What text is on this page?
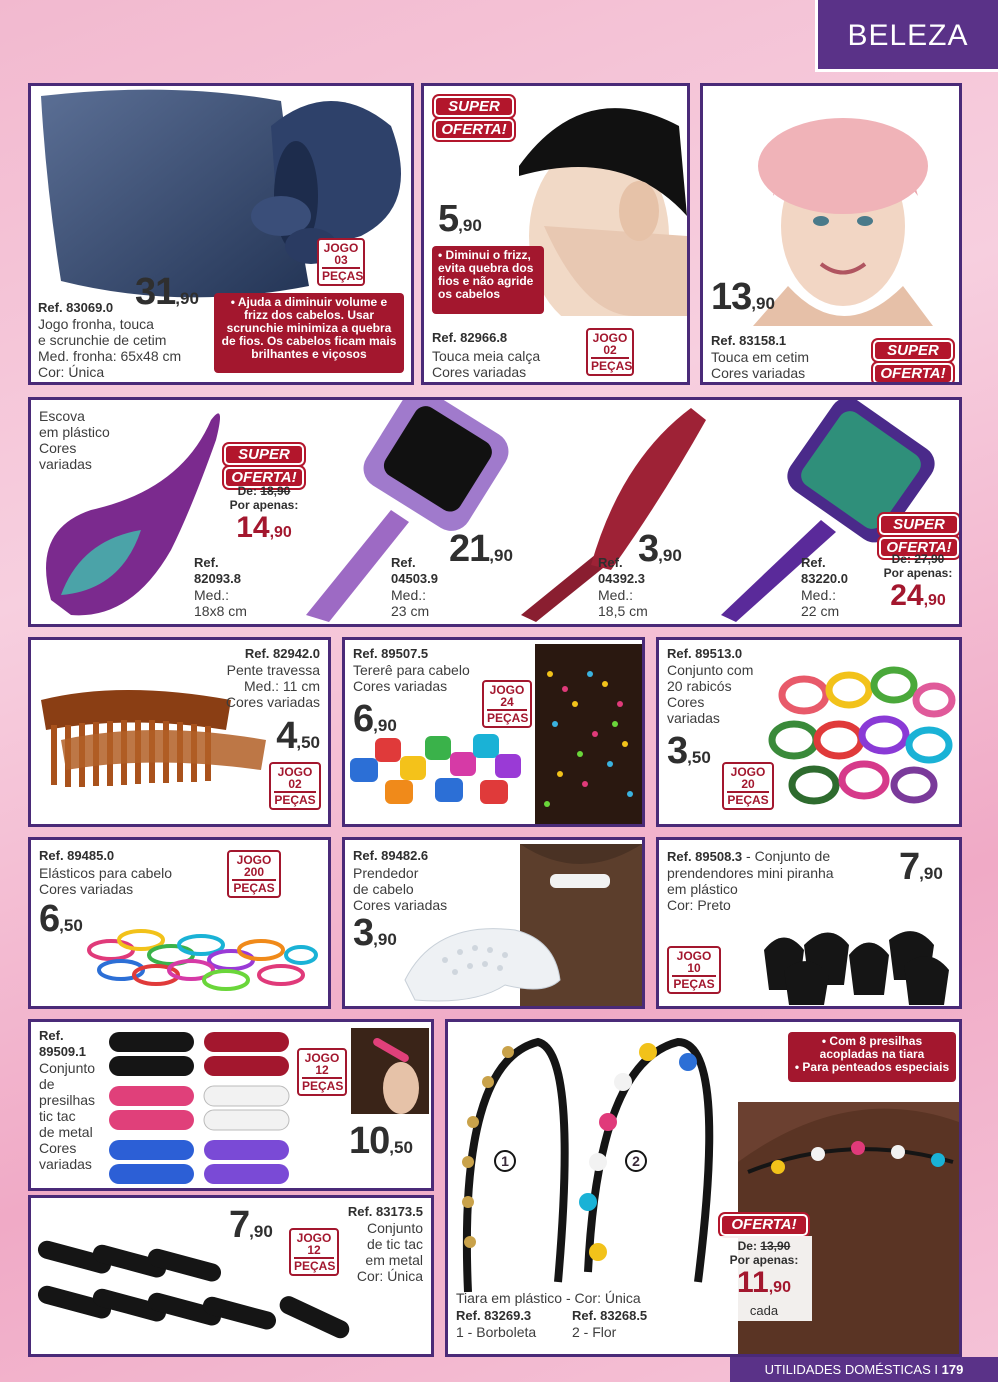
BELEZA
JOGO
03
PEÇAS
31,90
Ref. 83069.0
Jogo fronha, touca
e scrunchie de cetim
Med. fronha: 65x48 cm
Cor: Única
• Ajuda a diminuir volume e frizz dos cabelos. Usar scrunchie minimiza a quebra de fios. Os cabelos ficam mais brilhantes e viçosos
SUPER
OFERTA!
5,90
• Diminui o frizz, evita quebra dos fios e não agride os cabelos
Ref. 82966.8
Touca meia calça
Cores variadas
JOGO
02
PEÇAS
13,90
Ref. 83158.1
Touca em cetim
Cores variadas
SUPER
OFERTA!
Escova
em plástico
Cores
variadas
SUPER
OFERTA!
De: 18,90
Por apenas:
14,90
Ref.
82093.8
Med.:
18x8 cm
Ref.
04503.9
Med.:
23 cm
21,90	Ref.
04392.3
Med.:
18,5 cm
3,90	Ref.
83220.0
Med.:
22 cm
SUPER
OFERTA!
De: 27,90
Por apenas:
24,90
Ref. 82942.0
Pente travessa
Med.: 11 cm
Cores variadas
4,50
JOGO
02
PEÇAS
Ref. 89507.5
Tererê para cabelo
Cores variadas
6,90
JOGO
24
PEÇAS
Ref. 89513.0
Conjunto com
20 rabicós
Cores
variadas
3,50
JOGO
20
PEÇAS
Ref. 89485.0
Elásticos para cabelo
Cores variadas
6,50
JOGO
200
PEÇAS
Ref. 89482.6
Prendedor
de cabelo
Cores variadas
3,90
Ref. 89508.3 - Conjunto de
prendendores mini piranha
em plástico
Cor: Preto
7,90
JOGO
10
PEÇAS
Ref.
89509.1
Conjunto
de
presilhas
tic tac
de metal
Cores
variadas
JOGO
12
PEÇAS
10,50
7,90 JOGO
12
PEÇAS
Ref. 83173.5
Conjunto
de tic tac
em metal
Cor: Única
• Com 8 presilhas
acopladas na tiara
• Para penteados especiais
1	2
OFERTA!
De: 13,90
Por apenas:
11,90
cada
Tiara em plástico - Cor: Única
Ref. 83269.3	Ref. 83268.5
1 - Borboleta	2 - Flor
UTILIDADES DOMÉSTICAS I 179
